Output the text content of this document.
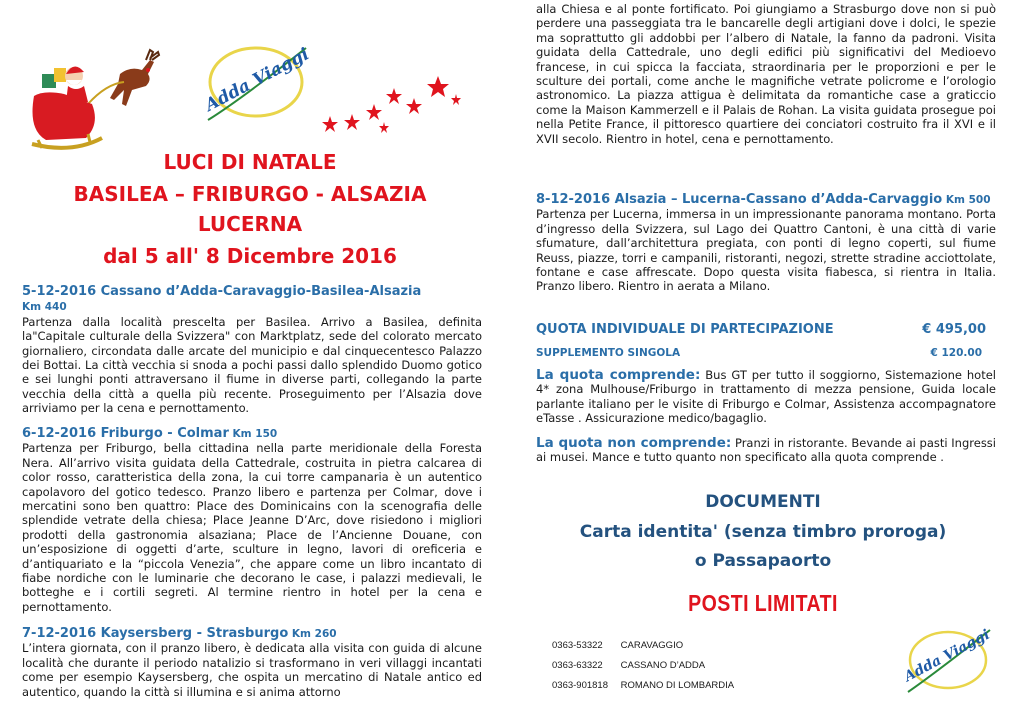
Adda Viaggi
LUCI DI NATALE
BASILEA – FRIBURGO - ALSAZIA
LUCERNA
dal 5 all' 8 Dicembre 2016
5-12-2016 Cassano d’Adda-Caravaggio-Basilea-Alsazia
Km 440
Partenza dalla località prescelta per Basilea. Arrivo a Basilea, definita la"Capitale culturale della Svizzera" con Marktplatz, sede del colorato mercato giornaliero, circondata dalle arcate del municipio e dal cinquecentesco Palazzo dei Bottai. La città vecchia si snoda a pochi passi dallo splendido Duomo gotico e sei lunghi ponti attraversano il fiume in diverse parti, collegando la parte vecchia della città a quella più recente. Proseguimento per l’Alsazia dove arriviamo per la cena e pernottamento.
6-12-2016 Friburgo - Colmar Km 150
Partenza per Friburgo, bella cittadina nella parte meridionale della Foresta Nera. All’arrivo visita guidata della Cattedrale, costruita in pietra calcarea di color rosso, caratteristica della zona, la cui torre campanaria è un autentico capolavoro del gotico tedesco. Pranzo libero e partenza per Colmar, dove i mercatini sono ben quattro: Place des Dominicains con la scenografia delle splendide vetrate della chiesa; Place Jeanne D’Arc, dove risiedono i migliori prodotti della gastronomia alsaziana; Place de l’Ancienne Douane, con un’esposizione di oggetti d’arte, sculture in legno, lavori di oreficeria e d’antiquariato e la “piccola Venezia”, che appare come un libro incantato di fiabe nordiche con le luminarie che decorano le case, i palazzi medievali, le botteghe e i cortili segreti. Al termine rientro in hotel per la cena e pernottamento.
7-12-2016 Kaysersberg - Strasburgo Km 260
L’intera giornata, con il pranzo libero, è dedicata alla visita con guida di alcune località che durante il periodo natalizio si trasformano in veri villaggi incantati come per esempio Kaysersberg, che ospita un mercatino di Natale antico ed autentico, quando la città si illumina e si anima attorno
alla Chiesa e al ponte fortificato. Poi giungiamo a Strasburgo dove non si può perdere una passeggiata tra le bancarelle degli artigiani dove i dolci, le spezie ma soprattutto gli addobbi per l’albero di Natale, la fanno da padroni. Visita guidata della Cattedrale, uno degli edifici più significativi del Medioevo francese, in cui spicca la facciata, straordinaria per le proporzioni e per le sculture dei portali, come anche le magnifiche vetrate policrome e l’orologio astronomico. La piazza attigua è delimitata da romantiche case a graticcio come la Maison Kammerzell e il Palais de Rohan. La visita guidata prosegue poi nella Petite France, il pittoresco quartiere dei conciatori costruito fra il XVI e il XVII secolo. Rientro in hotel, cena e pernottamento.
8-12-2016 Alsazia – Lucerna-Cassano d’Adda-Carvaggio Km 500
Partenza per Lucerna, immersa in un impressionante panorama montano. Porta d’ingresso della Svizzera, sul Lago dei Quattro Cantoni, è una città di varie sfumature, dall’architettura pregiata, con ponti di legno coperti, sul fiume Reuss, piazze, torri e campanili, ristoranti, negozi, strette stradine acciottolate, fontane e case affrescate. Dopo questa visita fiabesca, si rientra in Italia. Pranzo libero. Rientro in aerata a Milano.
QUOTA INDIVIDUALE DI PARTECIPAZIONE	€ 495,00
SUPPLEMENTO SINGOLA	€ 120.00
La quota comprende: Bus GT per tutto il soggiorno, Sistemazione hotel 4* zona Mulhouse/Friburgo in trattamento di mezza pensione, Guida locale parlante italiano per le visite di Friburgo e Colmar, Assistenza accompagnatore eTasse . Assicurazione medico/bagaglio.
La quota non comprende: Pranzi in ristorante. Bevande ai pasti Ingressi ai musei. Mance e tutto quanto non specificato alla quota comprende .
DOCUMENTI
Carta identita' (senza timbro proroga)
o Passapaorto
POSTI LIMITATI
0363-53322 CARAVAGGIO
0363-63322 CASSANO D’ADDA
0363-901818 ROMANO DI LOMBARDIA
Adda Viaggi
